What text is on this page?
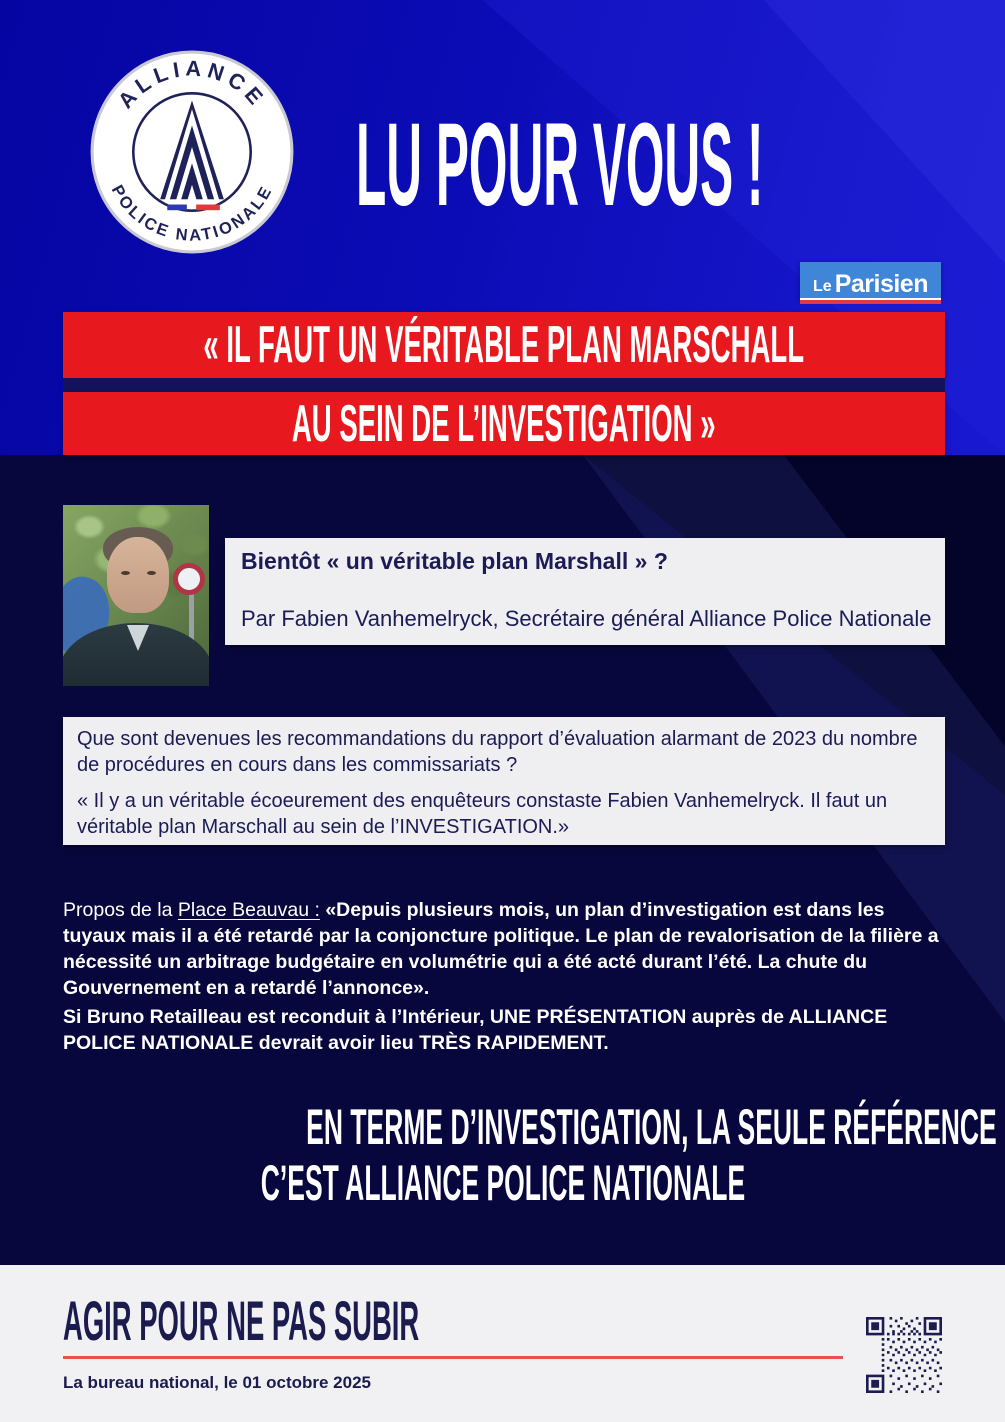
ALLIANCE
POLICE NATIONALE LU POUR VOUS !
Le Parisien
« IL FAUT UN VÉRITABLE PLAN MARSCHALL
AU SEIN DE L’INVESTIGATION »
Bientôt « un véritable plan Marshall » ?
Par Fabien Vanhemelryck, Secrétaire général Alliance Police Nationale
Que sont devenues les recommandations du rapport d’évaluation alarmant de 2023 du nombre de procédures en cours dans les commissariats ?
« Il y a un véritable écoeurement des enquêteurs constaste Fabien Vanhemelryck. Il faut un véritable plan Marschall au sein de l’INVESTIGATION.»
Propos de la Place Beauvau : «Depuis plusieurs mois, un plan d’investigation est dans les tuyaux mais il a été retardé par la conjoncture politique. Le plan de revalorisation de la filière a nécessité un arbitrage budgétaire en volumétrie qui a été acté durant l’été. La chute du Gouvernement en a retardé l’annonce».
Si Bruno Retailleau est reconduit à l’Intérieur, UNE PRÉSENTATION auprès de ALLIANCE POLICE NATIONALE devrait avoir lieu TRÈS RAPIDEMENT.
EN TERME D’INVESTIGATION, LA SEULE RÉFÉRENCE
C’EST ALLIANCE POLICE NATIONALE
AGIR POUR NE PAS SUBIR
La bureau national, le 01 octobre 2025
